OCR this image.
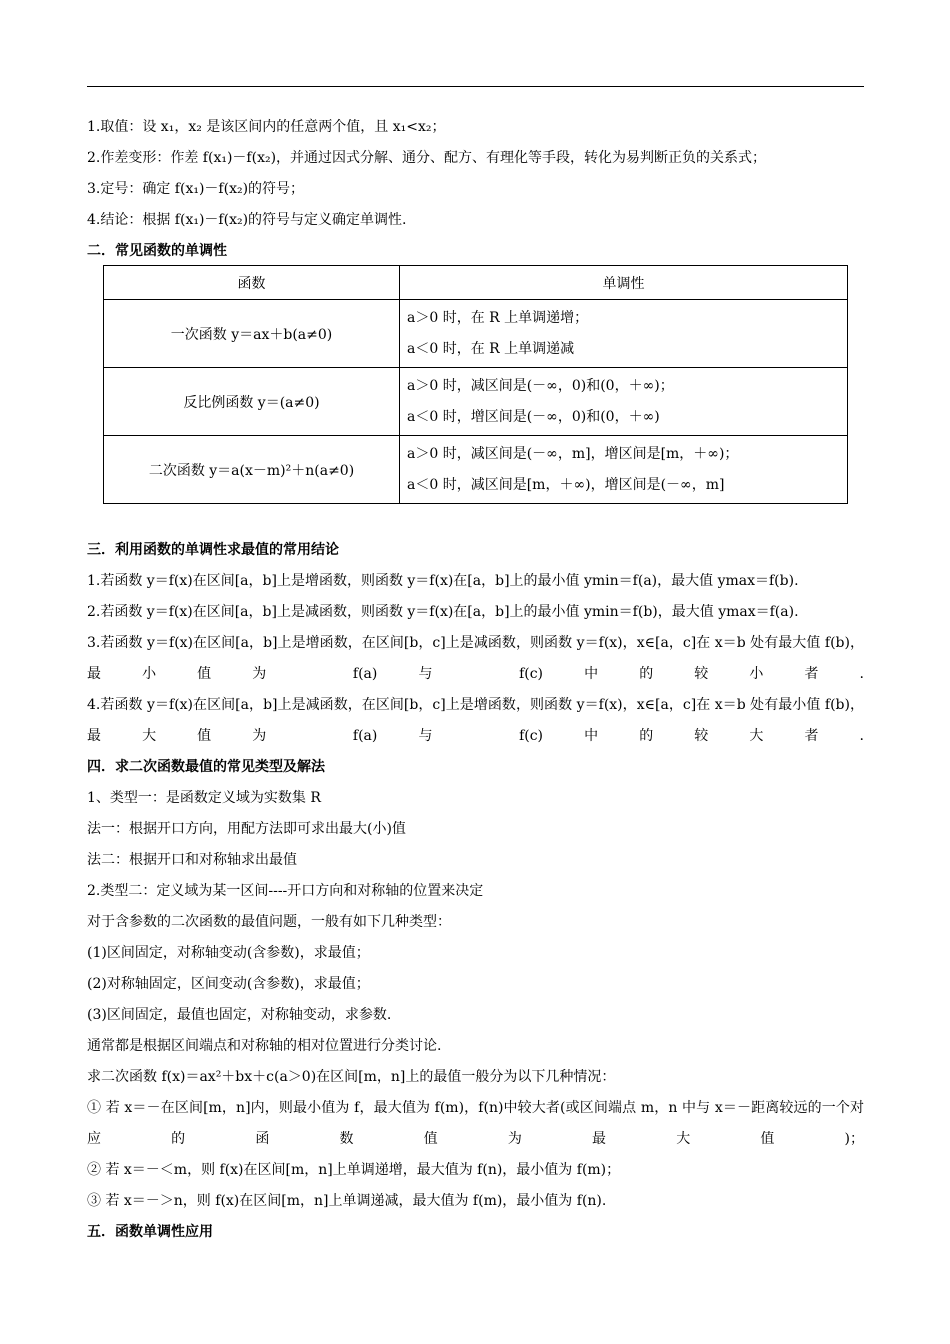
1.取值：设 x₁，x₂ 是该区间内的任意两个值，且 x₁<x₂；
2.作差变形：作差 f(x₁)－f(x₂)，并通过因式分解、通分、配方、有理化等手段，转化为易判断正负的关系式；
3.定号：确定 f(x₁)－f(x₂)的符号；
4.结论：根据 f(x₁)－f(x₂)的符号与定义确定单调性.
二．常见函数的单调性
函数	单调性
一次函数 y＝ax＋b(a≠0)	a＞0 时，在 R 上单调递增；
a＜0 时，在 R 上单调递减

反比例函数 y＝(a≠0)	a＞0 时，减区间是(－∞，0)和(0，＋∞)；
a＜0 时，增区间是(－∞，0)和(0，＋∞)

二次函数 y＝a(x－m)²＋n(a≠0)	a＞0 时，减区间是(－∞，m]，增区间是[m，＋∞)；
a＜0 时，减区间是[m，＋∞)，增区间是(－∞，m]
三．利用函数的单调性求最值的常用结论
1.若函数 y＝f(x)在区间[a，b]上是增函数，则函数 y＝f(x)在[a，b]上的最小值 ymin＝f(a)，最大值 ymax＝f(b).
2.若函数 y＝f(x)在区间[a，b]上是减函数，则函数 y＝f(x)在[a，b]上的最小值 ymin＝f(b)，最大值 ymax＝f(a).
3.若函数 y＝f(x)在区间[a，b]上是增函数，在区间[b，c]上是减函数，则函数 y＝f(x)，x∈[a，c]在 x＝b 处有最大值 f(b)，最小值为 f(a)与 f(c)中的较小者.
4.若函数 y＝f(x)在区间[a，b]上是减函数，在区间[b，c]上是增函数，则函数 y＝f(x)，x∈[a，c]在 x＝b 处有最小值 f(b)，最大值为 f(a)与 f(c)中的较大者.
四．求二次函数最值的常见类型及解法
1、类型一：是函数定义域为实数集 R
法一：根据开口方向，用配方法即可求出最大(小)值
法二：根据开口和对称轴求出最值
2.类型二：定义域为某一区间----开口方向和对称轴的位置来决定
对于含参数的二次函数的最值问题，一般有如下几种类型：
(1)区间固定，对称轴变动(含参数)，求最值；
(2)对称轴固定，区间变动(含参数)，求最值；
(3)区间固定，最值也固定，对称轴变动，求参数.
通常都是根据区间端点和对称轴的相对位置进行分类讨论.
求二次函数 f(x)＝ax²＋bx＋c(a＞0)在区间[m，n]上的最值一般分为以下几种情况：
① 若 x＝－在区间[m，n]内，则最小值为 f，最大值为 f(m)，f(n)中较大者(或区间端点 m，n 中与 x＝－距离较远的一个对应的函数值为最大值)；
② 若 x＝－＜m，则 f(x)在区间[m，n]上单调递增，最大值为 f(n)，最小值为 f(m)；
③ 若 x＝－＞n，则 f(x)在区间[m，n]上单调递减，最大值为 f(m)，最小值为 f(n).
五．函数单调性应用
